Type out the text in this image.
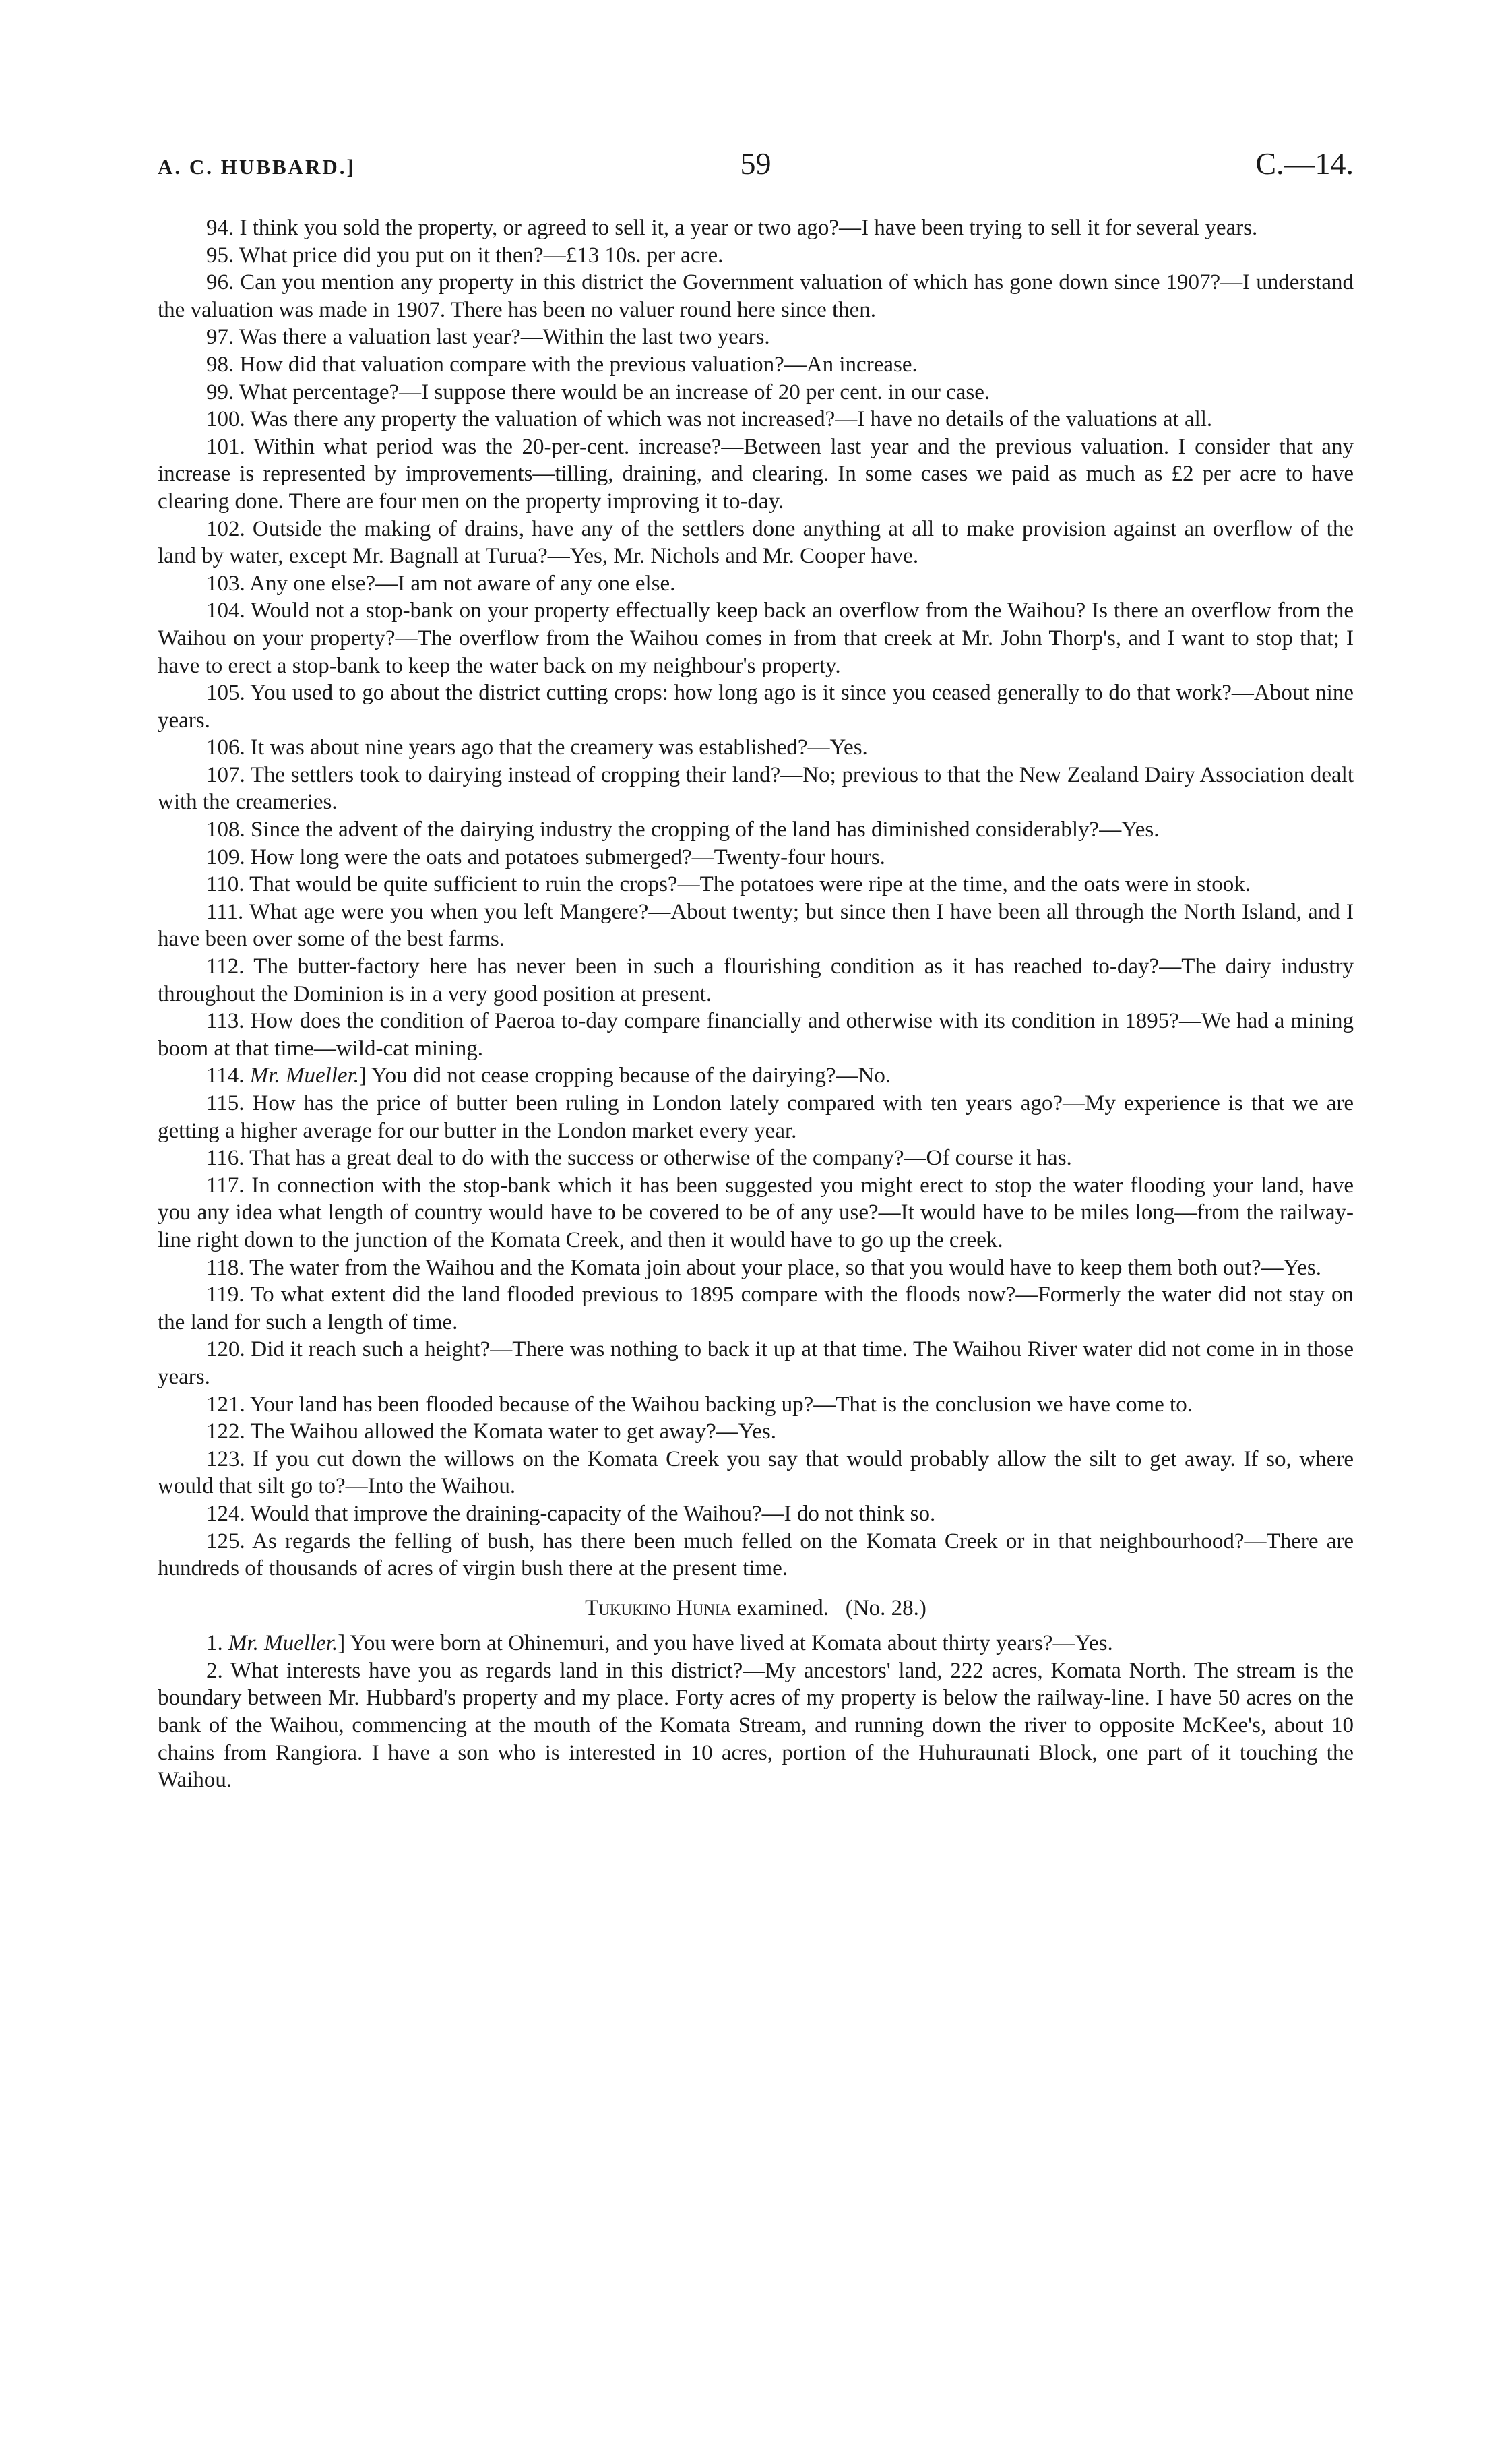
A. C. HUBBARD.]	59	C.—14.

94. I think you sold the property, or agreed to sell it, a year or two ago?—I have been trying to sell it for several years.

95. What price did you put on it then?—£13 10s. per acre.

96. Can you mention any property in this district the Government valuation of which has gone down since 1907?—I understand the valuation was made in 1907. There has been no valuer round here since then.

97. Was there a valuation last year?—Within the last two years.

98. How did that valuation compare with the previous valuation?—An increase.

99. What percentage?—I suppose there would be an increase of 20 per cent. in our case.

100. Was there any property the valuation of which was not increased?—I have no details of the valuations at all.

101. Within what period was the 20-per-cent. increase?—Between last year and the previous valuation. I consider that any increase is represented by improvements—tilling, draining, and clearing. In some cases we paid as much as £2 per acre to have clearing done. There are four men on the property improving it to-day.

102. Outside the making of drains, have any of the settlers done anything at all to make provision against an overflow of the land by water, except Mr. Bagnall at Turua?—Yes, Mr. Nichols and Mr. Cooper have.

103. Any one else?—I am not aware of any one else.

104. Would not a stop-bank on your property effectually keep back an overflow from the Waihou? Is there an overflow from the Waihou on your property?—The overflow from the Waihou comes in from that creek at Mr. John Thorp's, and I want to stop that; I have to erect a stop-bank to keep the water back on my neighbour's property.

105. You used to go about the district cutting crops: how long ago is it since you ceased generally to do that work?—About nine years.

106. It was about nine years ago that the creamery was established?—Yes.

107. The settlers took to dairying instead of cropping their land?—No; previous to that the New Zealand Dairy Association dealt with the creameries.

108. Since the advent of the dairying industry the cropping of the land has diminished considerably?—Yes.

109. How long were the oats and potatoes submerged?—Twenty-four hours.

110. That would be quite sufficient to ruin the crops?—The potatoes were ripe at the time, and the oats were in stook.

111. What age were you when you left Mangere?—About twenty; but since then I have been all through the North Island, and I have been over some of the best farms.

112. The butter-factory here has never been in such a flourishing condition as it has reached to-day?—The dairy industry throughout the Dominion is in a very good position at present.

113. How does the condition of Paeroa to-day compare financially and otherwise with its condition in 1895?—We had a mining boom at that time—wild-cat mining.

114. Mr. Mueller.] You did not cease cropping because of the dairying?—No.

115. How has the price of butter been ruling in London lately compared with ten years ago?—My experience is that we are getting a higher average for our butter in the London market every year.

116. That has a great deal to do with the success or otherwise of the company?—Of course it has.

117. In connection with the stop-bank which it has been suggested you might erect to stop the water flooding your land, have you any idea what length of country would have to be covered to be of any use?—It would have to be miles long—from the railway-line right down to the junction of the Komata Creek, and then it would have to go up the creek.

118. The water from the Waihou and the Komata join about your place, so that you would have to keep them both out?—Yes.

119. To what extent did the land flooded previous to 1895 compare with the floods now?—Formerly the water did not stay on the land for such a length of time.

120. Did it reach such a height?—There was nothing to back it up at that time. The Waihou River water did not come in in those years.

121. Your land has been flooded because of the Waihou backing up?—That is the conclusion we have come to.

122. The Waihou allowed the Komata water to get away?—Yes.

123. If you cut down the willows on the Komata Creek you say that would probably allow the silt to get away. If so, where would that silt go to?—Into the Waihou.

124. Would that improve the draining-capacity of the Waihou?—I do not think so.

125. As regards the felling of bush, has there been much felled on the Komata Creek or in that neighbourhood?—There are hundreds of thousands of acres of virgin bush there at the present time.

Tukukino Hunia examined. (No. 28.)

1. Mr. Mueller.] You were born at Ohinemuri, and you have lived at Komata about thirty years?—Yes.

2. What interests have you as regards land in this district?—My ancestors' land, 222 acres, Komata North. The stream is the boundary between Mr. Hubbard's property and my place. Forty acres of my property is below the railway-line. I have 50 acres on the bank of the Waihou, commencing at the mouth of the Komata Stream, and running down the river to opposite McKee's, about 10 chains from Rangiora. I have a son who is interested in 10 acres, portion of the Huhuraunati Block, one part of it touching the Waihou.
